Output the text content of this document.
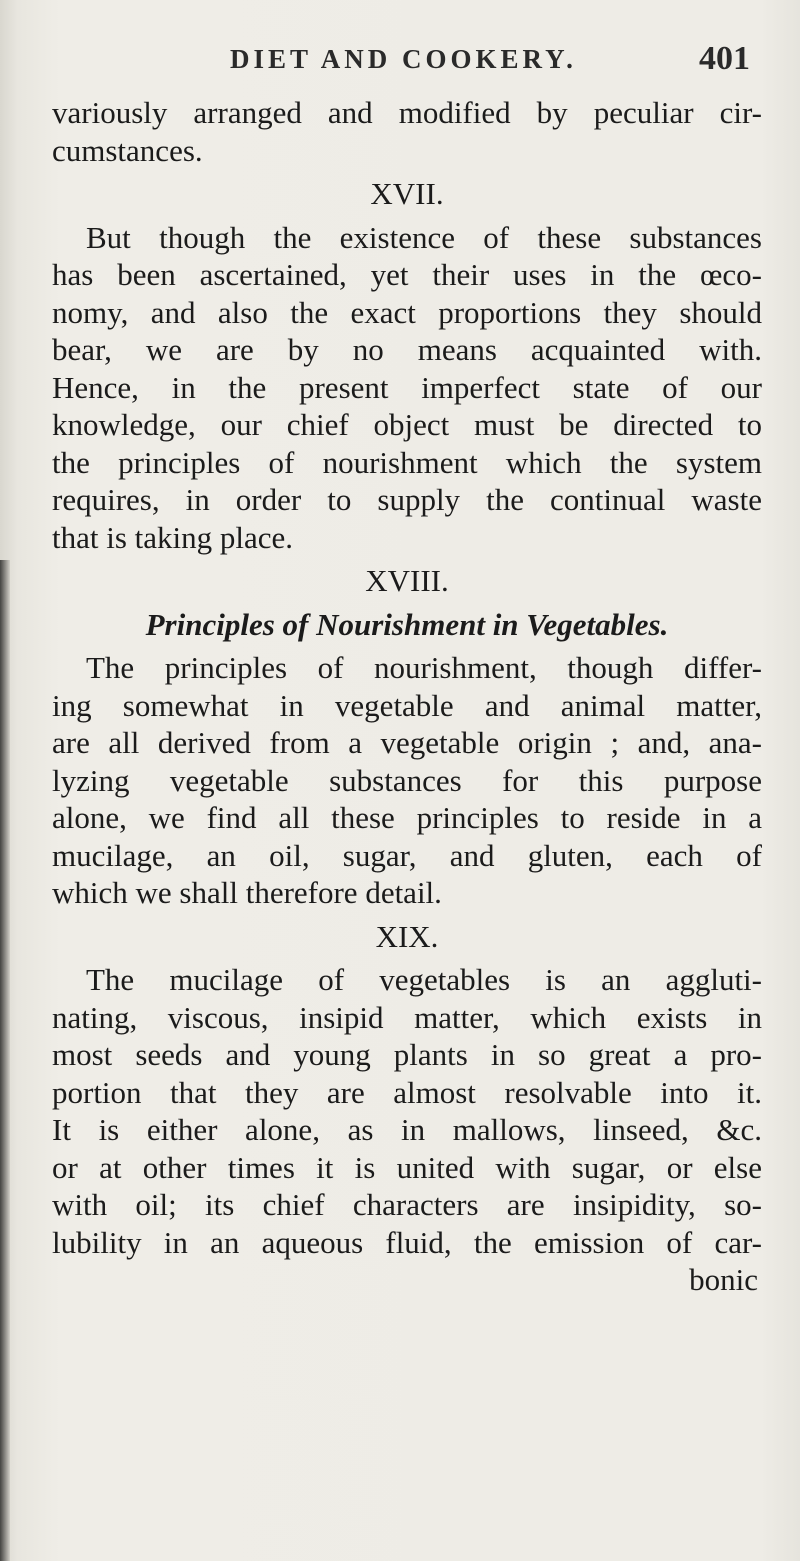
DIET AND COOKERY.	401
variously arranged and modified by peculiar cir-
cumstances.
XVII.
But though the existence of these substances
has been ascertained, yet their uses in the œco-
nomy, and also the exact proportions they should
bear, we are by no means acquainted with.
Hence, in the present imperfect state of our
knowledge, our chief object must be directed to
the principles of nourishment which the system
requires, in order to supply the continual waste
that is taking place.
XVIII.
Principles of Nourishment in Vegetables.
The principles of nourishment, though differ-
ing somewhat in vegetable and animal matter,
are all derived from a vegetable origin ; and, ana-
lyzing vegetable substances for this purpose
alone, we find all these principles to reside in a
mucilage, an oil, sugar, and gluten, each of
which we shall therefore detail.
XIX.
The mucilage of vegetables is an aggluti-
nating, viscous, insipid matter, which exists in
most seeds and young plants in so great a pro-
portion that they are almost resolvable into it.
It is either alone, as in mallows, linseed, &c.
or at other times it is united with sugar, or else
with oil; its chief characters are insipidity, so-
lubility in an aqueous fluid, the emission of car-
bonic
